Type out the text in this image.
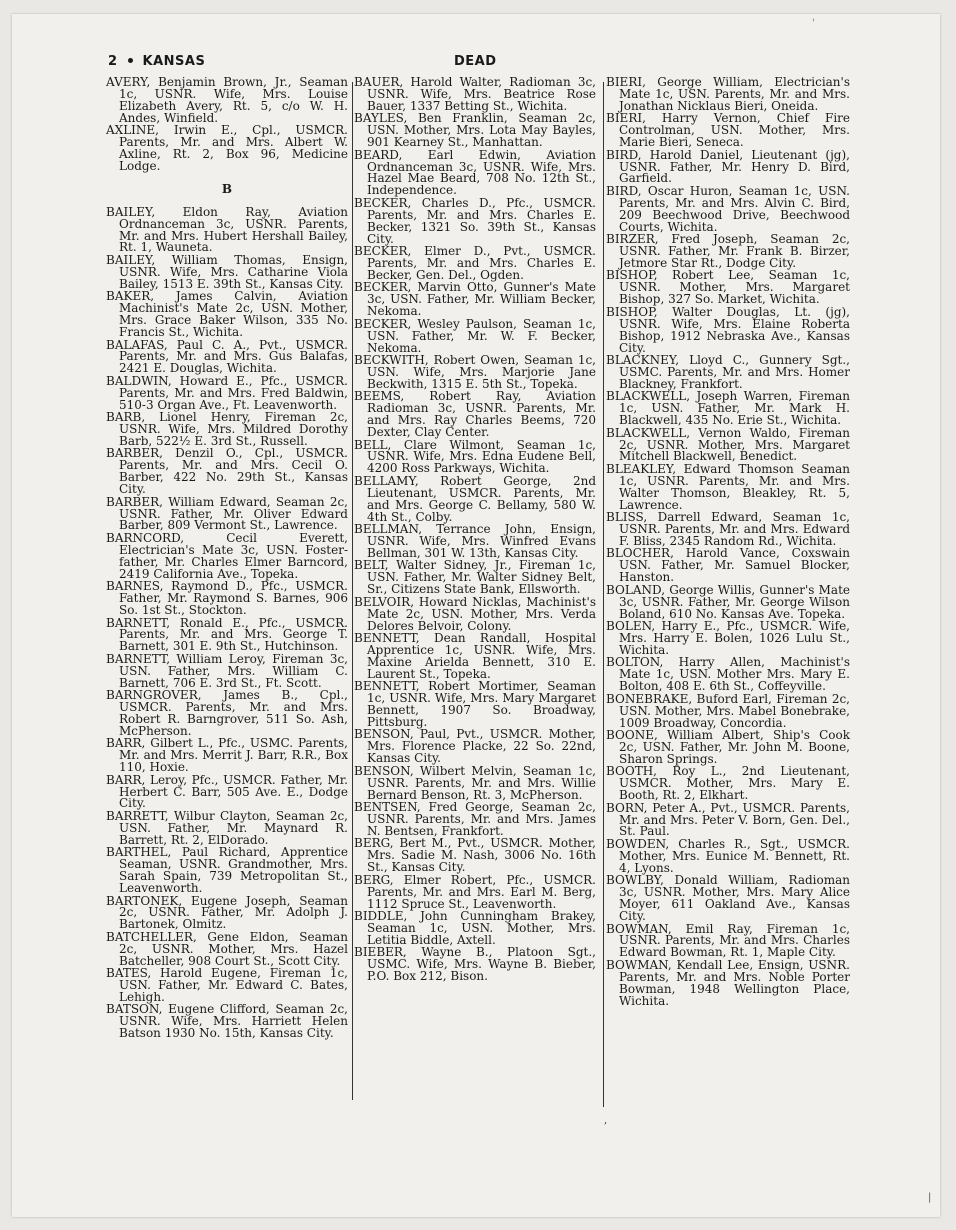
2 KANSAS	DEAD
AVERY, Benjamin Brown, Jr., Seaman 1c, USNR. Wife, Mrs. Louise Elizabeth Avery, Rt. 5, c/o W. H. Andes, Winfield.
AXLINE, Irwin E., Cpl., USMCR. Parents, Mr. and Mrs. Albert W. Axline, Rt. 2, Box 96, Medicine Lodge.
B
BAILEY, Eldon Ray, Aviation Ordnanceman 3c, USNR. Parents, Mr. and Mrs. Hubert Hershall Bailey, Rt. 1, Wauneta.
BAILEY, William Thomas, Ensign, USNR. Wife, Mrs. Catharine Viola Bailey, 1513 E. 39th St., Kansas City.
BAKER, James Calvin, Aviation Machinist's Mate 2c, USN. Mother, Mrs. Grace Baker Wilson, 335 No. Francis St., Wichita.
BALAFAS, Paul C. A., Pvt., USMCR. Parents, Mr. and Mrs. Gus Balafas, 2421 E. Douglas, Wichita.
BALDWIN, Howard E., Pfc., USMCR. Parents, Mr. and Mrs. Fred Baldwin, 510-3 Organ Ave., Ft. Leavenworth.
BARB, Lionel Henry, Fireman 2c, USNR. Wife, Mrs. Mildred Dorothy Barb, 522½ E. 3rd St., Russell.
BARBER, Denzil O., Cpl., USMCR. Parents, Mr. and Mrs. Cecil O. Barber, 422 No. 29th St., Kansas City.
BARBER, William Edward, Seaman 2c, USNR. Father, Mr. Oliver Edward Barber, 809 Vermont St., Lawrence.
BARNCORD, Cecil Everett, Electrician's Mate 3c, USN. Foster-father, Mr. Charles Elmer Barncord, 2419 California Ave., Topeka.
BARNES, Raymond D., Pfc., USMCR. Father, Mr. Raymond S. Barnes, 906 So. 1st St., Stockton.
BARNETT, Ronald E., Pfc., USMCR. Parents, Mr. and Mrs. George T. Barnett, 301 E. 9th St., Hutchinson.
BARNETT, William Leroy, Fireman 3c, USN. Father, Mrs. William C. Barnett, 706 E. 3rd St., Ft. Scott.
BARNGROVER, James B., Cpl., USMCR. Parents, Mr. and Mrs. Robert R. Barngrover, 511 So. Ash, McPherson.
BARR, Gilbert L., Pfc., USMC. Parents, Mr. and Mrs. Merrit J. Barr, R.R., Box 110, Hoxie.
BARR, Leroy, Pfc., USMCR. Father, Mr. Herbert C. Barr, 505 Ave. E., Dodge City.
BARRETT, Wilbur Clayton, Seaman 2c, USN. Father, Mr. Maynard R. Barrett, Rt. 2, ElDorado.
BARTHEL, Paul Richard, Apprentice Seaman, USNR. Grandmother, Mrs. Sarah Spain, 739 Metropolitan St., Leavenworth.
BARTONEK, Eugene Joseph, Seaman 2c, USNR. Father, Mr. Adolph J. Bartonek, Olmitz.
BATCHELLER, Gene Eldon, Seaman 2c, USNR. Mother, Mrs. Hazel Batcheller, 908 Court St., Scott City.
BATES, Harold Eugene, Fireman 1c, USN. Father, Mr. Edward C. Bates, Lehigh.
BATSON, Eugene Clifford, Seaman 2c, USNR. Wife, Mrs. Harriett Helen Batson 1930 No. 15th, Kansas City.
BAUER, Harold Walter, Radioman 3c, USNR. Wife, Mrs. Beatrice Rose Bauer, 1337 Betting St., Wichita.
BAYLES, Ben Franklin, Seaman 2c, USN. Mother, Mrs. Lota May Bayles, 901 Kearney St., Manhattan.
BEARD, Earl Edwin, Aviation Ordnanceman 3c, USNR. Wife, Mrs. Hazel Mae Beard, 708 No. 12th St., Independence.
BECKER, Charles D., Pfc., USMCR. Parents, Mr. and Mrs. Charles E. Becker, 1321 So. 39th St., Kansas City.
BECKER, Elmer D., Pvt., USMCR. Parents, Mr. and Mrs. Charles E. Becker, Gen. Del., Ogden.
BECKER, Marvin Otto, Gunner's Mate 3c, USN. Father, Mr. William Becker, Nekoma.
BECKER, Wesley Paulson, Seaman 1c, USN. Father, Mr. W. F. Becker, Nekoma.
BECKWITH, Robert Owen, Seaman 1c, USN. Wife, Mrs. Marjorie Jane Beckwith, 1315 E. 5th St., Topeka.
BEEMS, Robert Ray, Aviation Radioman 3c, USNR. Parents, Mr. and Mrs. Ray Charles Beems, 720 Dexter, Clay Center.
BELL, Clare Wilmont, Seaman 1c, USNR. Wife, Mrs. Edna Eudene Bell, 4200 Ross Parkways, Wichita.
BELLAMY, Robert George, 2nd Lieutenant, USMCR. Parents, Mr. and Mrs. George C. Bellamy, 580 W. 4th St., Colby.
BELLMAN, Terrance John, Ensign, USNR. Wife, Mrs. Winfred Evans Bellman, 301 W. 13th, Kansas City.
BELT, Walter Sidney, Jr., Fireman 1c, USN. Father, Mr. Walter Sidney Belt, Sr., Citizens State Bank, Ellsworth.
BELVOIR, Howard Nicklas, Machinist's Mate 2c, USN. Mother, Mrs. Verda Delores Belvoir, Colony.
BENNETT, Dean Randall, Hospital Apprentice 1c, USNR. Wife, Mrs. Maxine Arielda Bennett, 310 E. Laurent St., Topeka.
BENNETT, Robert Mortimer, Seaman 1c, USNR. Wife, Mrs. Mary Margaret Bennett, 1907 So. Broadway, Pittsburg.
BENSON, Paul, Pvt., USMCR. Mother, Mrs. Florence Placke, 22 So. 22nd, Kansas City.
BENSON, Wilbert Melvin, Seaman 1c, USNR. Parents, Mr. and Mrs. Willie Bernard Benson, Rt. 3, McPherson.
BENTSEN, Fred George, Seaman 2c, USNR. Parents, Mr. and Mrs. James N. Bentsen, Frankfort.
BERG, Bert M., Pvt., USMCR. Mother, Mrs. Sadie M. Nash, 3006 No. 16th St., Kansas City.
BERG, Elmer Robert, Pfc., USMCR. Parents, Mr. and Mrs. Earl M. Berg, 1112 Spruce St., Leavenworth.
BIDDLE, John Cunningham Brakey, Seaman 1c, USN. Mother, Mrs. Letitia Biddle, Axtell.
BIEBER, Wayne B., Platoon Sgt., USMC. Wife, Mrs. Wayne B. Bieber, P.O. Box 212, Bison.
BIERI, George William, Electrician's Mate 1c, USN. Parents, Mr. and Mrs. Jonathan Nicklaus Bieri, Oneida.
BIERI, Harry Vernon, Chief Fire Controlman, USN. Mother, Mrs. Marie Bieri, Seneca.
BIRD, Harold Daniel, Lieutenant (jg), USNR. Father, Mr. Henry D. Bird, Garfield.
BIRD, Oscar Huron, Seaman 1c, USN. Parents, Mr. and Mrs. Alvin C. Bird, 209 Beechwood Drive, Beechwood Courts, Wichita.
BIRZER, Fred Joseph, Seaman 2c, USNR. Father, Mr. Frank B. Birzer, Jetmore Star Rt., Dodge City.
BISHOP, Robert Lee, Seaman 1c, USNR. Mother, Mrs. Margaret Bishop, 327 So. Market, Wichita.
BISHOP, Walter Douglas, Lt. (jg), USNR. Wife, Mrs. Elaine Roberta Bishop, 1912 Nebraska Ave., Kansas City.
BLACKNEY, Lloyd C., Gunnery Sgt., USMC. Parents, Mr. and Mrs. Homer Blackney, Frankfort.
BLACKWELL, Joseph Warren, Fireman 1c, USN. Father, Mr. Mark H. Blackwell, 435 No. Erie St., Wichita.
BLACKWELL, Vernon Waldo, Fireman 2c, USNR. Mother, Mrs. Margaret Mitchell Blackwell, Benedict.
BLEAKLEY, Edward Thomson Seaman 1c, USNR. Parents, Mr. and Mrs. Walter Thomson, Bleakley, Rt. 5, Lawrence.
BLISS, Darrell Edward, Seaman 1c, USNR. Parents, Mr. and Mrs. Edward F. Bliss, 2345 Random Rd., Wichita.
BLOCHER, Harold Vance, Coxswain USN. Father, Mr. Samuel Blocker, Hanston.
BOLAND, George Willis, Gunner's Mate 3c, USNR. Father, Mr. George Wilson Boland, 610 No. Kansas Ave. Topeka.
BOLEN, Harry E., Pfc., USMCR. Wife, Mrs. Harry E. Bolen, 1026 Lulu St., Wichita.
BOLTON, Harry Allen, Machinist's Mate 1c, USN. Mother Mrs. Mary E. Bolton, 408 E. 6th St., Coffeyville.
BONEBRAKE, Buford Earl, Fireman 2c, USN. Mother, Mrs. Mabel Bonebrake, 1009 Broadway, Concordia.
BOONE, William Albert, Ship's Cook 2c, USN. Father, Mr. John M. Boone, Sharon Springs.
BOOTH, Roy L., 2nd Lieutenant, USMCR. Mother, Mrs. Mary E. Booth, Rt. 2, Elkhart.
BORN, Peter A., Pvt., USMCR. Parents, Mr. and Mrs. Peter V. Born, Gen. Del., St. Paul.
BOWDEN, Charles R., Sgt., USMCR. Mother, Mrs. Eunice M. Bennett, Rt. 4, Lyons.
BOWLBY, Donald William, Radioman 3c, USNR. Mother, Mrs. Mary Alice Moyer, 611 Oakland Ave., Kansas City.
BOWMAN, Emil Ray, Fireman 1c, USNR. Parents, Mr. and Mrs. Charles Edward Bowman, Rt. 1, Maple City.
BOWMAN, Kendall Lee, Ensign, USNR. Parents, Mr. and Mrs. Noble Porter Bowman, 1948 Wellington Place, Wichita.
,
'
|
